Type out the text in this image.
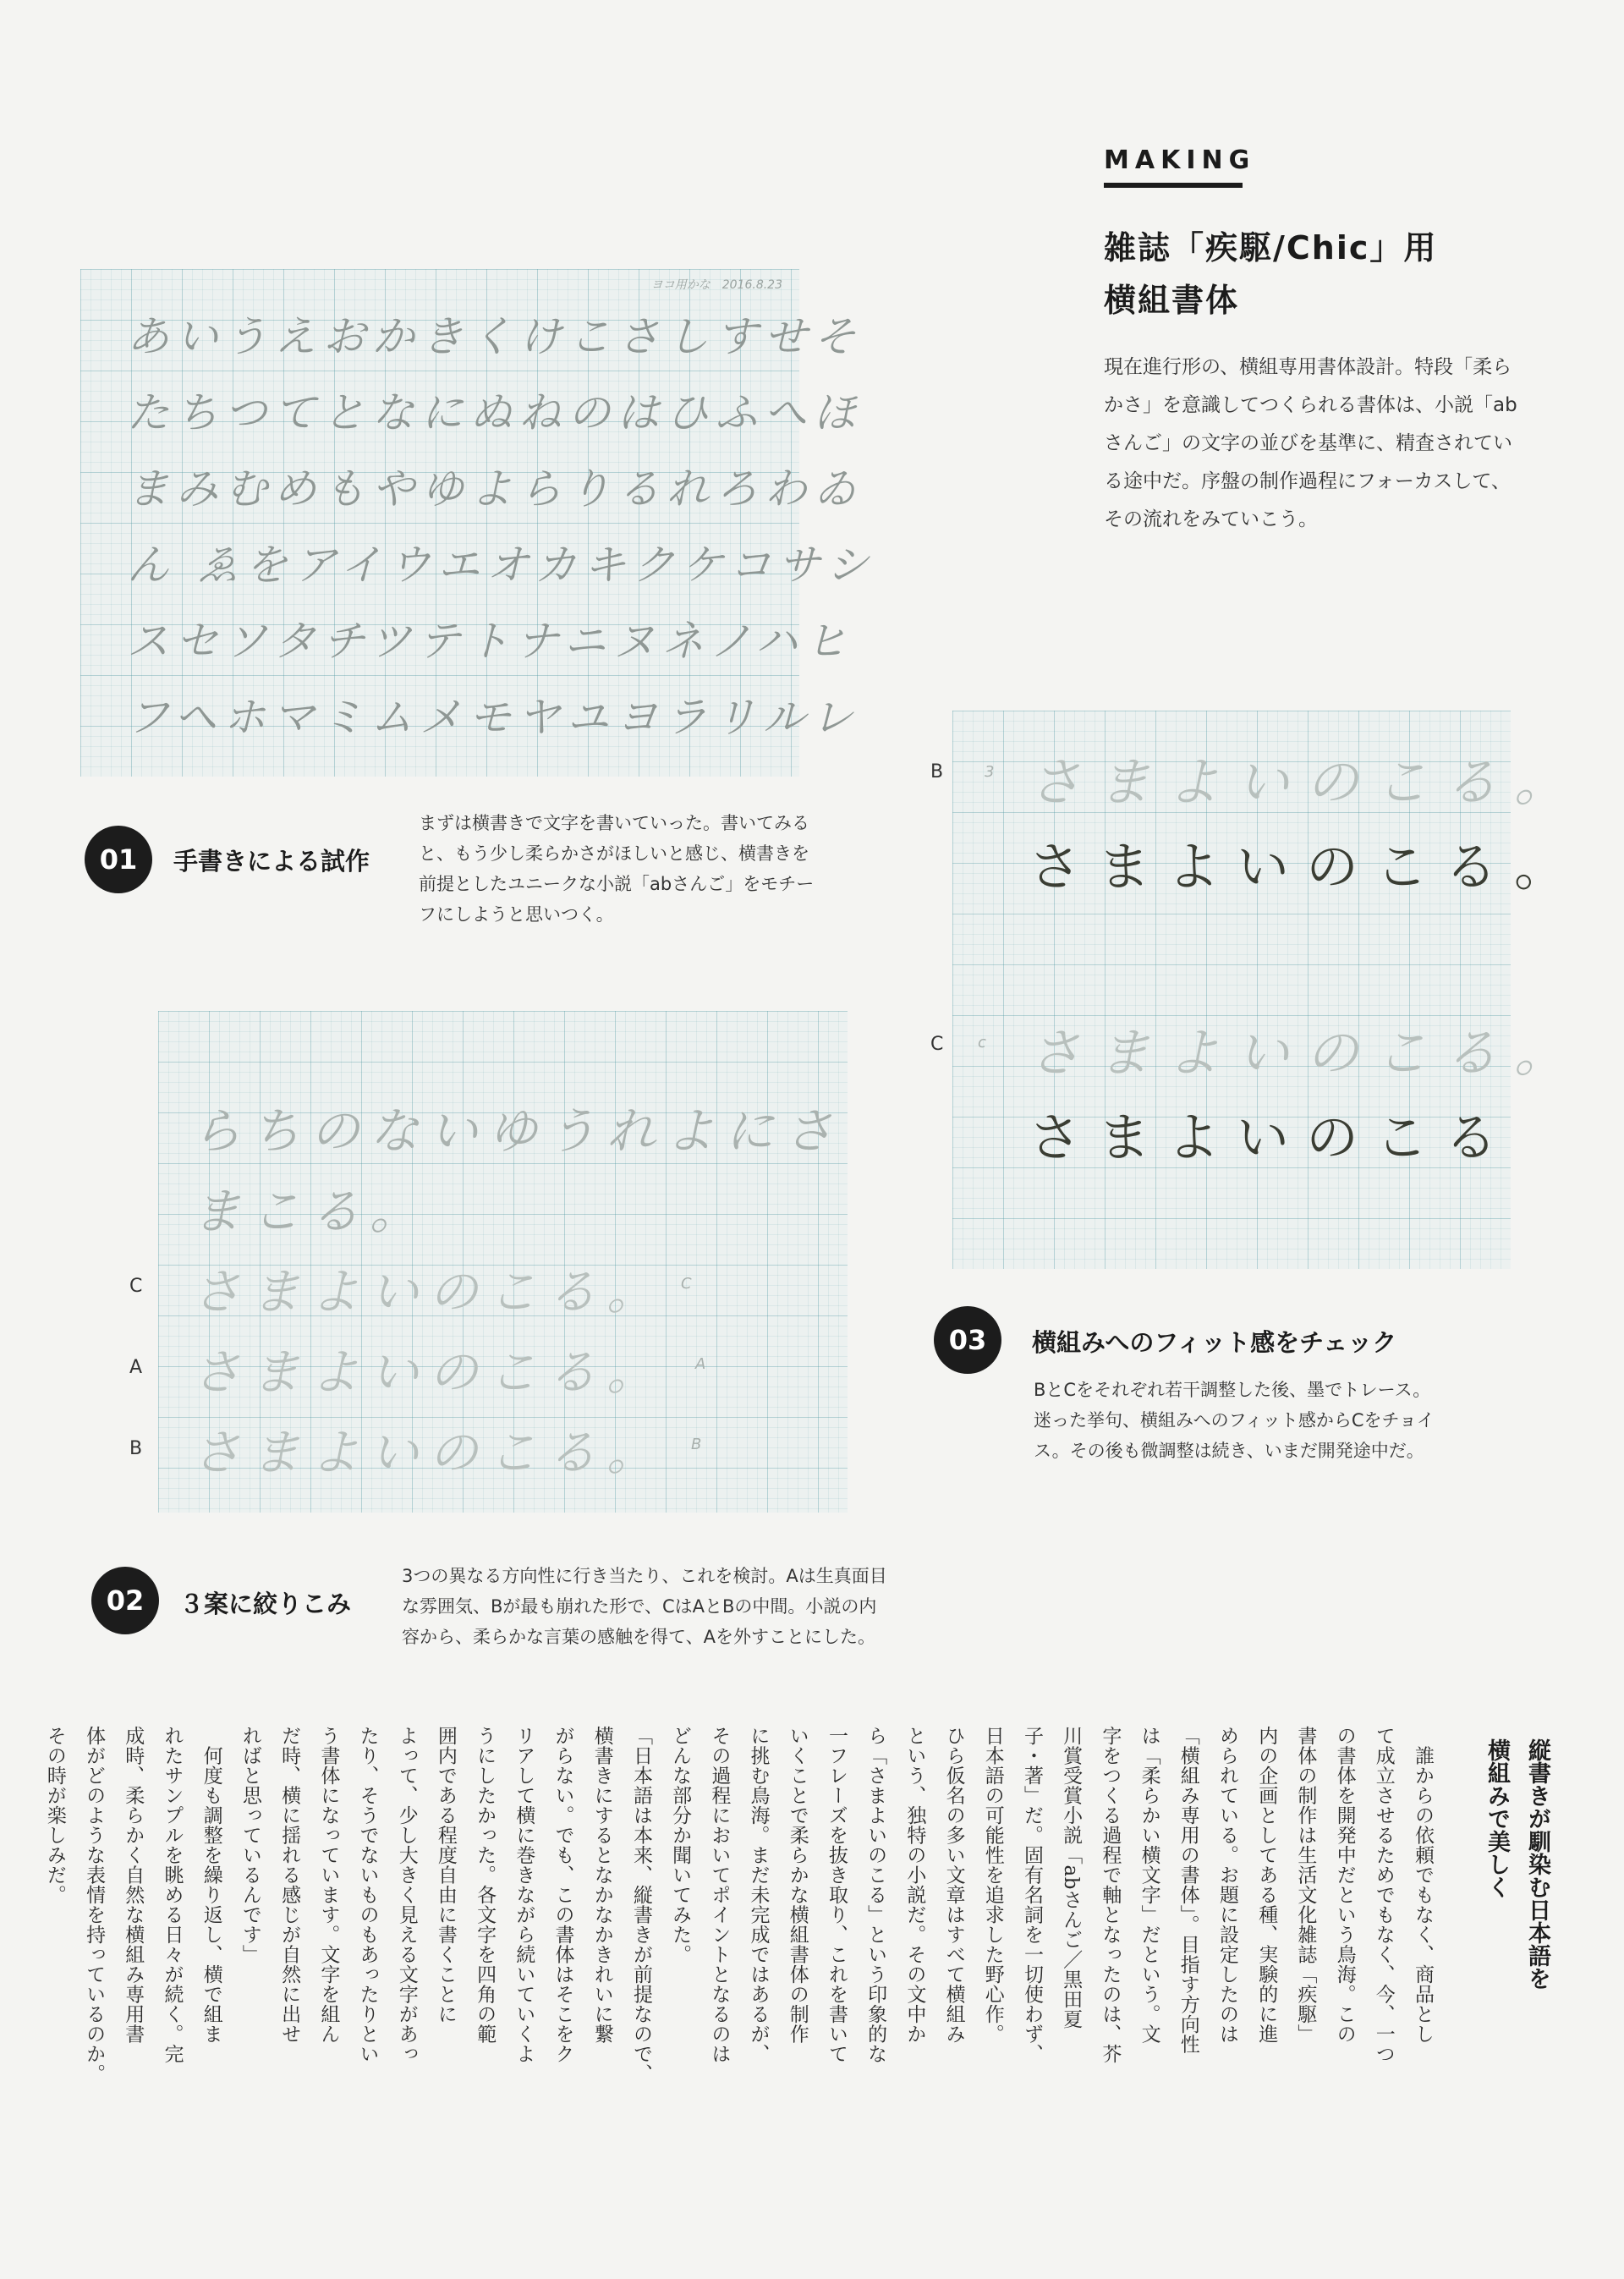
MAKING
雑誌「疾駆/Chic」用
横組書体
現在進行形の、横組専用書体設計。特段「柔らかさ」を意識してつくられる書体は、小説「abさんご」の文字の並びを基準に、精査されている途中だ。序盤の制作過程にフォーカスして、その流れをみていこう。
ヨコ用かな　2016.8.23
あいうえおかきくけこさしすせそ
たちつてとなにぬねのはひふへほ
まみむめもやゆよらりるれろわゐ
ん ゑをアイウエオカキクケコサシ
スセソタチツテトナニヌネノハヒ
フヘホマミムメモヤユヨラリルレ
01	手書きによる試作
まずは横書きで文字を書いていった。書いてみると、もう少し柔らかさがほしいと感じ、横書きを前提としたユニークな小説「abさんご」をモチーフにしようと思いつく。
らちのないゆうれよにさ
まこる。
さまよいのこる。
さまよいのこる。
さまよいのこる。
C
A
B
C
A
B
02	３案に絞りこみ
3つの異なる方向性に行き当たり、これを検討。Aは生真面目な雰囲気、Bが最も崩れた形で、CはAとBの中間。小説の内容から、柔らかな言葉の感触を得て、Aを外すことにした。
さまよいのこる。
さまよいのこる。
さまよいのこる。
さまよいのこる
3
c
B
C
03	横組みへのフィット感をチェック
BとCをそれぞれ若干調整した後、墨でトレース。迷った挙句、横組みへのフィット感からCをチョイス。その後も微調整は続き、いまだ開発途中だ。
縦書きが馴染む日本語を
横組みで美しく
　誰からの依頼でもなく、商品とし
て成立させるためでもなく、今、一つ
の書体を開発中だという鳥海。この
書体の制作は生活文化雑誌「疾駆」
内の企画としてある種、実験的に進
められている。お題に設定したのは
「横組み専用の書体」。目指す方向性
は「柔らかい横文字」だという。文
字をつくる過程で軸となったのは、芥
川賞受賞小説「abさんご／黒田夏
子・著」だ。固有名詞を一切使わず、
日本語の可能性を追求した野心作。
ひら仮名の多い文章はすべて横組み
という、独特の小説だ。その文中か
ら「さまよいのこる」という印象的な
一フレーズを抜き取り、これを書いて
いくことで柔らかな横組書体の制作
に挑む鳥海。まだ未完成ではあるが、
その過程においてポイントとなるのは
どんな部分か聞いてみた。
「日本語は本来、縦書きが前提なので、
横書きにするとなかなかきれいに繋
がらない。でも、この書体はそこをク
リアして横に巻きながら続いていくよ
うにしたかった。各文字を四角の範
囲内である程度自由に書くことに
よって、少し大きく見える文字があっ
たり、そうでないものもあったりとい
う書体になっています。文字を組ん
だ時、横に揺れる感じが自然に出せ
ればと思っているんです」
　何度も調整を繰り返し、横で組ま
れたサンプルを眺める日々が続く。完
成時、柔らかく自然な横組み専用書
体がどのような表情を持っているのか。
その時が楽しみだ。
